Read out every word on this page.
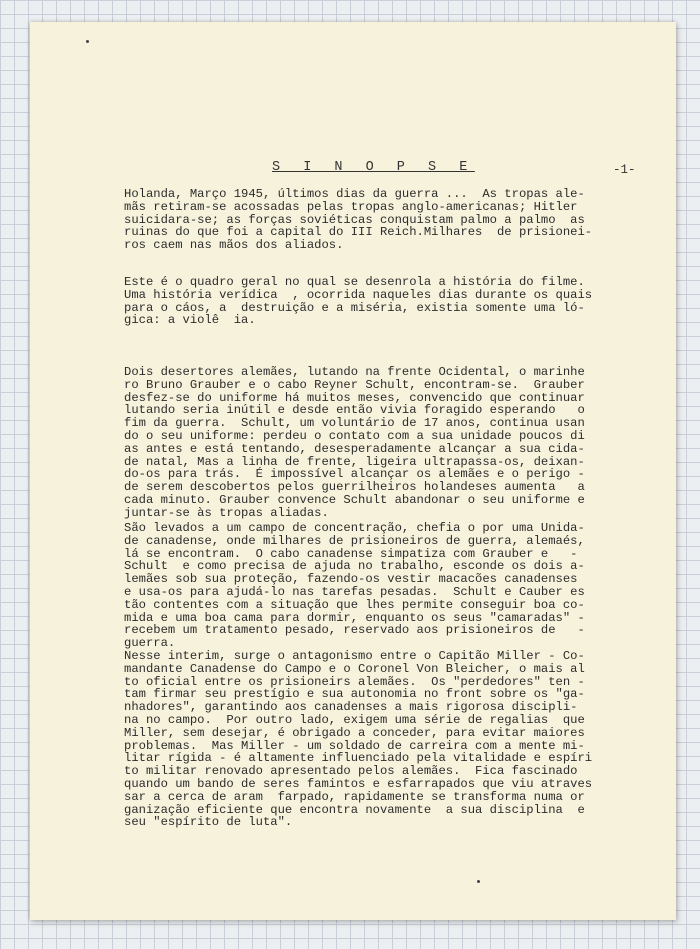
S I N O P S E	-1-
Holanda, Março 1945, últimos dias da guerra ...  As tropas ale-
mãs retiram-se acossadas pelas tropas anglo-americanas; Hitler
suicidara-se; as forças soviéticas conquistam palmo a palmo  as
ruinas do que foi a capital do III Reich.Milhares  de prisionei-
ros caem nas mãos dos aliados.
Este é o quadro geral no qual se desenrola a história do filme.
Uma história verídica  , ocorrida naqueles dias durante os quais
para o cáos, a  destruição e a miséria, existia somente uma ló-
gica: a violê  ia.
Dois desertores alemães, lutando na frente Ocidental, o marinhe
ro Bruno Grauber e o cabo Reyner Schult, encontram-se.  Grauber
desfez-se do uniforme há muitos meses, convencido que continuar
lutando seria inútil e desde então vivia foragido esperando   o
fim da guerra.  Schult, um voluntário de 17 anos, continua usan
do o seu uniforme: perdeu o contato com a sua unidade poucos di
as antes e está tentando, desesperadamente alcançar a sua cida-
de natal, Mas a linha de frente, ligeira ultrapassa-os, deixan-
do-os para trás.  É impossível alcançar os alemães e o perigo -
de serem descobertos pelos guerrilheiros holandeses aumenta   a
cada minuto. Grauber convence Schult abandonar o seu uniforme e
juntar-se às tropas aliadas.
São levados a um campo de concentração, chefia o por uma Unida-
de canadense, onde milhares de prisioneiros de guerra, alemaés,
lá se encontram.  O cabo canadense simpatiza com Grauber e   -
Schult  e como precisa de ajuda no trabalho, esconde os dois a-
lemães sob sua proteção, fazendo-os vestir macacões canadenses
e usa-os para ajudá-lo nas tarefas pesadas.  Schult e Cauber es
tão contentes com a situação que lhes permite conseguir boa co-
mida e uma boa cama para dormir, enquanto os seus "camaradas" -
recebem um tratamento pesado, reservado aos prisioneiros de   -
guerra.
Nesse interim, surge o antagonismo entre o Capitão Miller - Co-
mandante Canadense do Campo e o Coronel Von Bleicher, o mais al
to oficial entre os prisioneirs alemães.  Os "perdedores" ten -
tam firmar seu prestígio e sua autonomia no front sobre os "ga-
nhadores", garantindo aos canadenses a mais rigorosa discipli-
na no campo.  Por outro lado, exigem uma série de regalias  que
Miller, sem desejar, é obrigado a conceder, para evitar maiores
problemas.  Mas Miller - um soldado de carreira com a mente mi-
litar rígida - é altamente influenciado pela vitalidade e espíri
to militar renovado apresentado pelos alemães.  Fica fascinado
quando um bando de seres famintos e esfarrapados que viu atraves
sar a cerca de aram  farpado, rapidamente se transforma numa or
ganização eficiente que encontra novamente  a sua disciplina  e
seu "espírito de luta".
